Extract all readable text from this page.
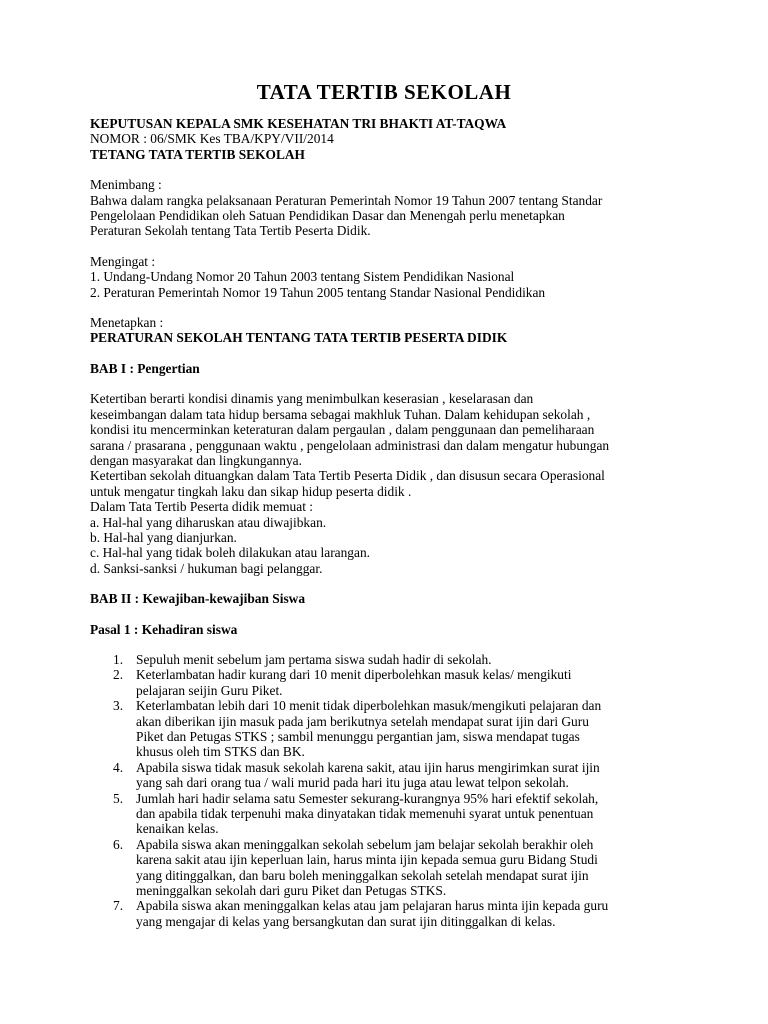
TATA TERTIB SEKOLAH

KEPUTUSAN KEPALA SMK KESEHATAN TRI BHAKTI AT-TAQWA

NOMOR : 06/SMK Kes TBA/KPY/VII/2014

TETANG TATA TERTIB SEKOLAH

Menimbang :

Bahwa dalam rangka pelaksanaan Peraturan Pemerintah Nomor 19 Tahun 2007 tentang Standar

Pengelolaan Pendidikan oleh Satuan Pendidikan Dasar dan Menengah perlu menetapkan

Peraturan Sekolah tentang Tata Tertib Peserta Didik.

Mengingat :

1. Undang-Undang Nomor 20 Tahun 2003 tentang Sistem Pendidikan Nasional

2. Peraturan Pemerintah Nomor 19 Tahun 2005 tentang Standar Nasional Pendidikan

Menetapkan :

PERATURAN SEKOLAH TENTANG TATA TERTIB PESERTA DIDIK

BAB I : Pengertian

Ketertiban berarti kondisi dinamis yang menimbulkan keserasian , keselarasan dan

keseimbangan dalam tata hidup bersama sebagai makhluk Tuhan. Dalam kehidupan sekolah ,

kondisi itu mencerminkan keteraturan dalam pergaulan , dalam penggunaan dan pemeliharaan

sarana / prasarana , penggunaan waktu , pengelolaan administrasi dan dalam mengatur hubungan

dengan masyarakat dan lingkungannya.

Ketertiban sekolah dituangkan dalam Tata Tertib Peserta Didik , dan disusun secara Operasional

untuk mengatur tingkah laku dan sikap hidup peserta didik .

Dalam Tata Tertib Peserta didik memuat :

a. Hal-hal yang diharuskan atau diwajibkan.

b. Hal-hal yang dianjurkan.

c. Hal-hal yang tidak boleh dilakukan atau larangan.

d. Sanksi-sanksi / hukuman bagi pelanggar.

BAB II : Kewajiban-kewajiban Siswa

Pasal 1 : Kehadiran siswa

1. Sepuluh menit sebelum jam pertama siswa sudah hadir di sekolah.
2. Keterlambatan hadir kurang dari 10 menit diperbolehkan masuk kelas/ mengikuti
pelajaran seijin Guru Piket.
3. Keterlambatan lebih dari 10 menit tidak diperbolehkan masuk/mengikuti pelajaran dan
akan diberikan ijin masuk pada jam berikutnya setelah mendapat surat ijin dari Guru
Piket dan Petugas STKS ; sambil menunggu pergantian jam, siswa mendapat tugas
khusus oleh tim STKS dan BK.
4. Apabila siswa tidak masuk sekolah karena sakit, atau ijin harus mengirimkan surat ijin
yang sah dari orang tua / wali murid pada hari itu juga atau lewat telpon sekolah.
5. Jumlah hari hadir selama satu Semester sekurang-kurangnya 95% hari efektif sekolah,
dan apabila tidak terpenuhi maka dinyatakan tidak memenuhi syarat untuk penentuan
kenaikan kelas.
6. Apabila siswa akan meninggalkan sekolah sebelum jam belajar sekolah berakhir oleh
karena sakit atau ijin keperluan lain, harus minta ijin kepada semua guru Bidang Studi
yang ditinggalkan, dan baru boleh meninggalkan sekolah setelah mendapat surat ijin
meninggalkan sekolah dari guru Piket dan Petugas STKS.
7. Apabila siswa akan meninggalkan kelas atau jam pelajaran harus minta ijin kepada guru
yang mengajar di kelas yang bersangkutan dan surat ijin ditinggalkan di kelas.
